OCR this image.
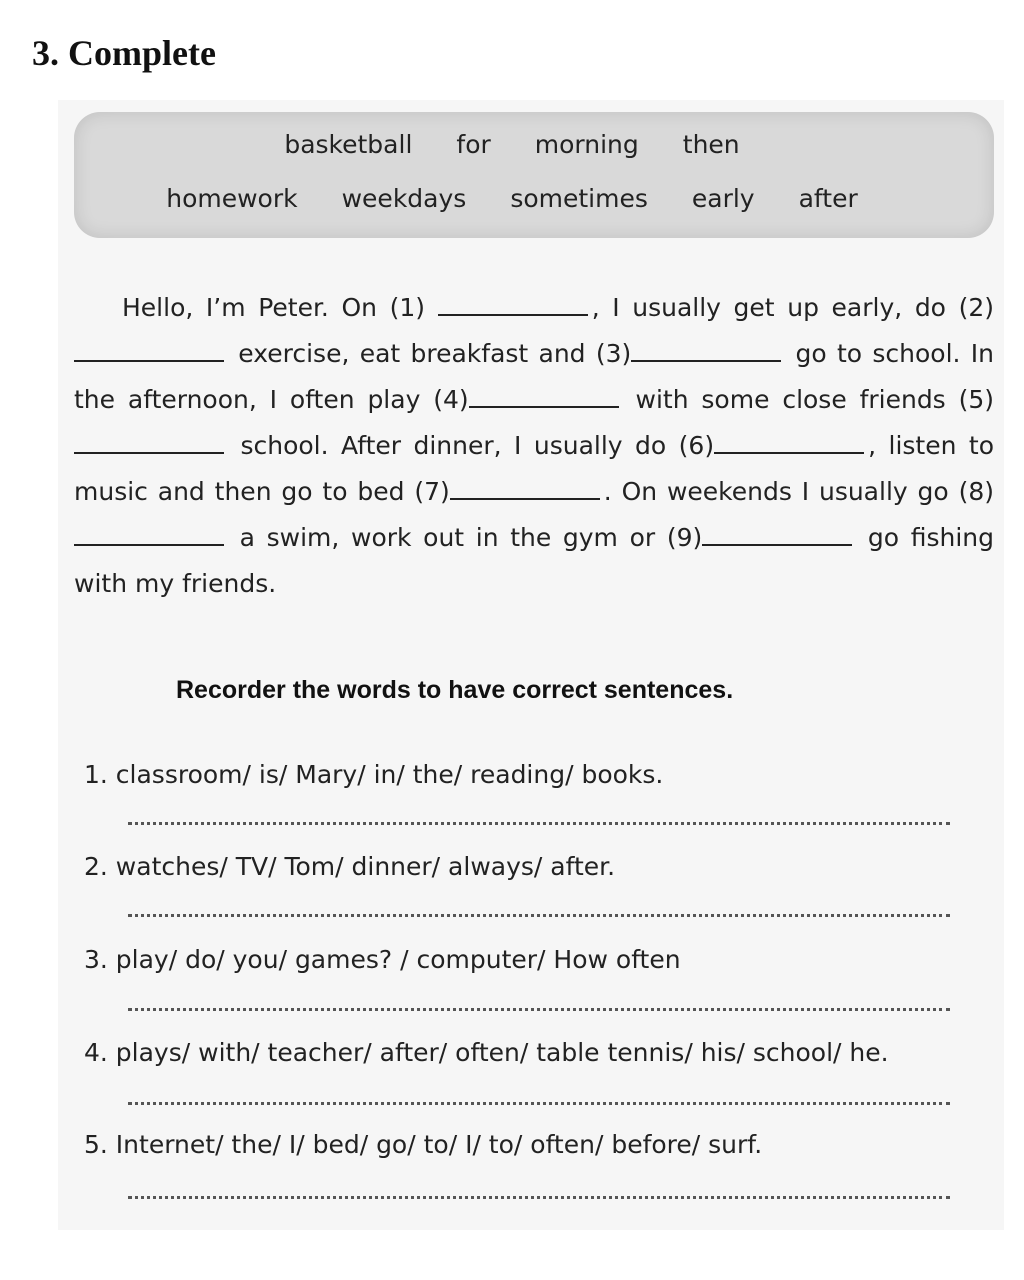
3. Complete
basketball for morning then
homework weekdays sometimes early after

Hello, I’m Peter. On (1)	, I usually get up early, do (2) exercise, eat breakfast and (3)	go to school. In the afternoon, I often play (4)	with some close friends (5) school. After dinner, I usually do (6)	, listen to music and then go to bed (7)	. On weekends I usually go (8) a swim, work out in the gym or (9)	go fishing with my friends.

Recorder the words to have correct sentences.
1. classroom/ is/ Mary/ in/ the/ reading/ books.
2. watches/ TV/ Tom/ dinner/ always/ after.
3. play/ do/ you/ games? / computer/ How often
4. plays/ with/ teacher/ after/ often/ table tennis/ his/ school/ he.
5. Internet/ the/ I/ bed/ go/ to/ I/ to/ often/ before/ surf.
